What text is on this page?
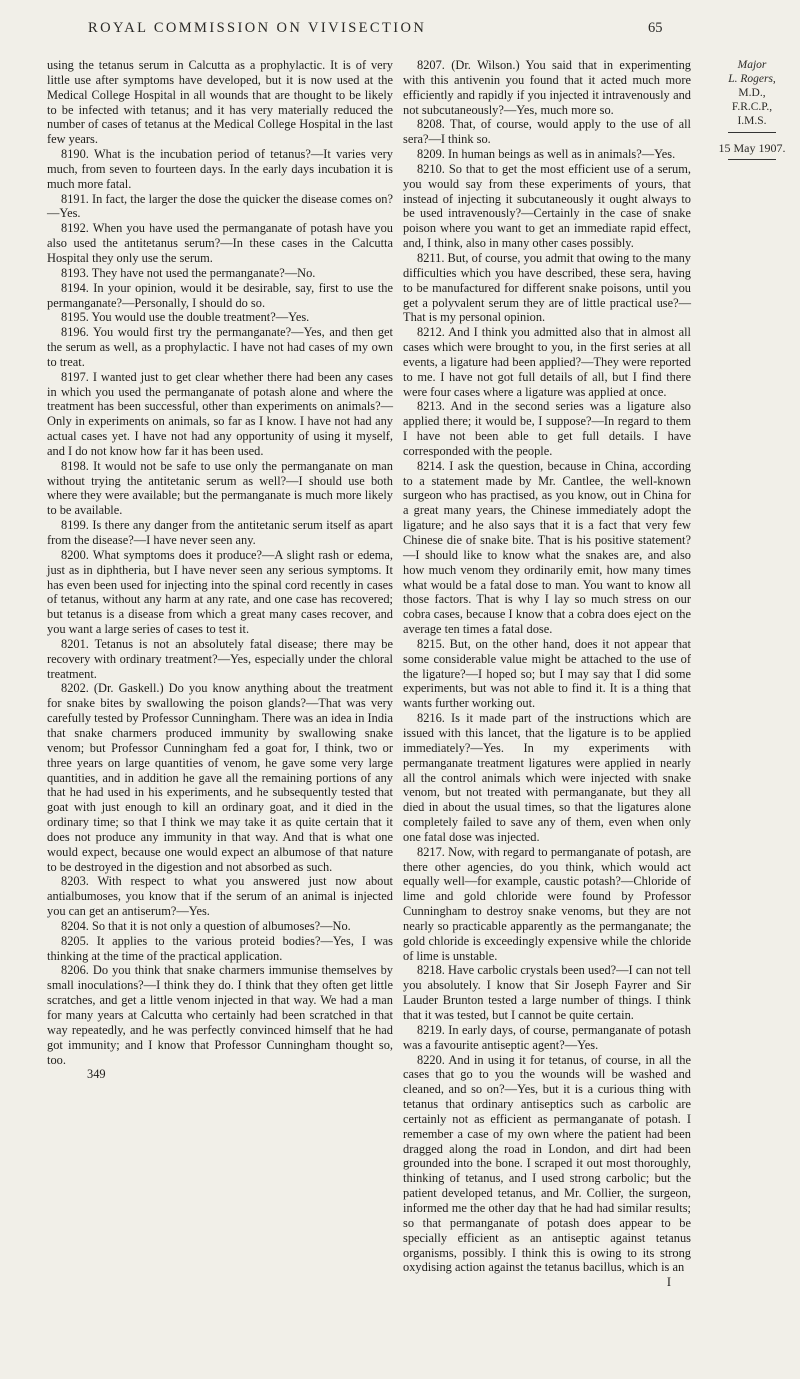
ROYAL COMMISSION ON VIVISECTION	65

using the tetanus serum in Calcutta as a prophylactic. It is of very little use after symptoms have developed, but it is now used at the Medical College Hospital in all wounds that are thought to be likely to be infected with tetanus; and it has very materially reduced the number of cases of tetanus at the Medical College Hospital in the last few years.

8190. What is the incubation period of tetanus?—It varies very much, from seven to fourteen days. In the early days incubation it is much more fatal.

8191. In fact, the larger the dose the quicker the disease comes on?—Yes.

8192. When you have used the permanganate of potash have you also used the antitetanus serum?—In these cases in the Calcutta Hospital they only use the serum.

8193. They have not used the permanganate?—No.

8194. In your opinion, would it be desirable, say, first to use the permanganate?—Personally, I should do so.

8195. You would use the double treatment?—Yes.

8196. You would first try the permanganate?—Yes, and then get the serum as well, as a prophylactic. I have not had cases of my own to treat.

8197. I wanted just to get clear whether there had been any cases in which you used the permanganate of potash alone and where the treatment has been successful, other than experiments on animals?—Only in experiments on animals, so far as I know. I have not had any actual cases yet. I have not had any opportunity of using it myself, and I do not know how far it has been used.

8198. It would not be safe to use only the permanganate on man without trying the antitetanic serum as well?—I should use both where they were available; but the permanganate is much more likely to be available.

8199. Is there any danger from the antitetanic serum itself as apart from the disease?—I have never seen any.

8200. What symptoms does it produce?—A slight rash or edema, just as in diphtheria, but I have never seen any serious symptoms. It has even been used for injecting into the spinal cord recently in cases of tetanus, without any harm at any rate, and one case has recovered; but tetanus is a disease from which a great many cases recover, and you want a large series of cases to test it.

8201. Tetanus is not an absolutely fatal disease; there may be recovery with ordinary treatment?—Yes, especially under the chloral treatment.

8202. (Dr. Gaskell.) Do you know anything about the treatment for snake bites by swallowing the poison glands?—That was very carefully tested by Professor Cunningham. There was an idea in India that snake charmers produced immunity by swallowing snake venom; but Professor Cunningham fed a goat for, I think, two or three years on large quantities of venom, he gave some very large quantities, and in addition he gave all the remaining portions of any that he had used in his experiments, and he subsequently tested that goat with just enough to kill an ordinary goat, and it died in the ordinary time; so that I think we may take it as quite certain that it does not produce any immunity in that way. And that is what one would expect, because one would expect an albumose of that nature to be destroyed in the digestion and not absorbed as such.

8203. With respect to what you answered just now about antialbumoses, you know that if the serum of an animal is injected you can get an antiserum?—Yes.

8204. So that it is not only a question of albumoses?—No.

8205. It applies to the various proteid bodies?—Yes, I was thinking at the time of the practical application.

8206. Do you think that snake charmers immunise themselves by small inoculations?—I think they do. I think that they often get little scratches, and get a little venom injected in that way. We had a man for many years at Calcutta who certainly had been scratched in that way repeatedly, and he was perfectly convinced himself that he had got immunity; and I know that Professor Cunningham thought so, too.

349

8207. (Dr. Wilson.) You said that in experimenting with this antivenin you found that it acted much more efficiently and rapidly if you injected it intravenously and not subcutaneously?—Yes, much more so.

8208. That, of course, would apply to the use of all sera?—I think so.

8209. In human beings as well as in animals?—Yes.

8210. So that to get the most efficient use of a serum, you would say from these experiments of yours, that instead of injecting it subcutaneously it ought always to be used intravenously?—Certainly in the case of snake poison where you want to get an immediate rapid effect, and, I think, also in many other cases possibly.

8211. But, of course, you admit that owing to the many difficulties which you have described, these sera, having to be manufactured for different snake poisons, until you get a polyvalent serum they are of little practical use?—That is my personal opinion.

8212. And I think you admitted also that in almost all cases which were brought to you, in the first series at all events, a ligature had been applied?—They were reported to me. I have not got full details of all, but I find there were four cases where a ligature was applied at once.

8213. And in the second series was a ligature also applied there; it would be, I suppose?—In regard to them I have not been able to get full details. I have corresponded with the people.

8214. I ask the question, because in China, according to a statement made by Mr. Cantlee, the well-known surgeon who has practised, as you know, out in China for a great many years, the Chinese immediately adopt the ligature; and he also says that it is a fact that very few Chinese die of snake bite. That is his positive statement?—I should like to know what the snakes are, and also how much venom they ordinarily emit, how many times what would be a fatal dose to man. You want to know all those factors. That is why I lay so much stress on our cobra cases, because I know that a cobra does eject on the average ten times a fatal dose.

8215. But, on the other hand, does it not appear that some considerable value might be attached to the use of the ligature?—I hoped so; but I may say that I did some experiments, but was not able to find it. It is a thing that wants further working out.

8216. Is it made part of the instructions which are issued with this lancet, that the ligature is to be applied immediately?—Yes. In my experiments with permanganate treatment ligatures were applied in nearly all the control animals which were injected with snake venom, but not treated with permanganate, but they all died in about the usual times, so that the ligatures alone completely failed to save any of them, even when only one fatal dose was injected.

8217. Now, with regard to permanganate of potash, are there other agencies, do you think, which would act equally well—for example, caustic potash?—Chloride of lime and gold chloride were found by Professor Cunningham to destroy snake venoms, but they are not nearly so practicable apparently as the permanganate; the gold chloride is exceedingly expensive while the chloride of lime is unstable.

8218. Have carbolic crystals been used?—I can not tell you absolutely. I know that Sir Joseph Fayrer and Sir Lauder Brunton tested a large number of things. I think that it was tested, but I cannot be quite certain.

8219. In early days, of course, permanganate of potash was a favourite antiseptic agent?—Yes.

8220. And in using it for tetanus, of course, in all the cases that go to you the wounds will be washed and cleaned, and so on?—Yes, but it is a curious thing with tetanus that ordinary antiseptics such as carbolic are certainly not as efficient as permanganate of potash. I remember a case of my own where the patient had been dragged along the road in London, and dirt had been grounded into the bone. I scraped it out most thoroughly, thinking of tetanus, and I used strong carbolic; but the patient developed tetanus, and Mr. Collier, the surgeon, informed me the other day that he had had similar results; so that permanganate of potash does appear to be specially efficient as an antiseptic against tetanus organisms, possibly. I think this is owing to its strong oxydising action against the tetanus bacillus, which is an

I
Major
L. Rogers,
M.D.,
F.R.C.P.,
I.M.S.
15 May 1907.
